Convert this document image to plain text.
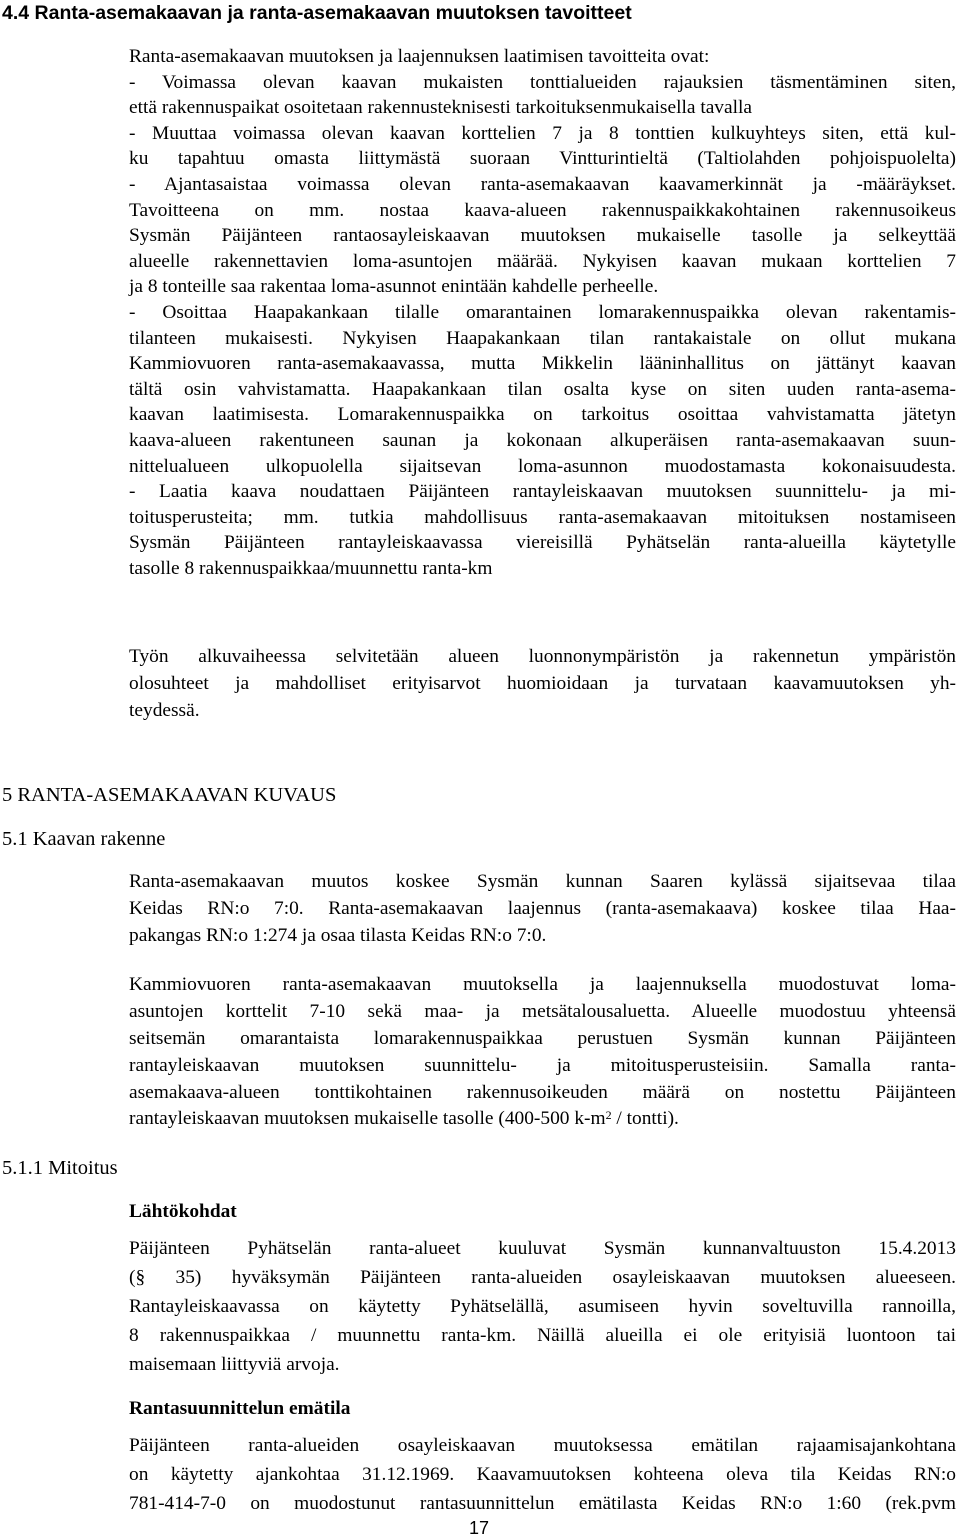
4.4 Ranta-asemakaavan ja ranta-asemakaavan muutoksen tavoitteet
Ranta-asemakaavan muutoksen ja laajennuksen laatimisen tavoitteita ovat:
- Voimassa olevan kaavan mukaisten tonttialueiden rajauksien täsmentäminen siten,
että rakennuspaikat osoitetaan rakennusteknisesti tarkoituksenmukaisella tavalla
- Muuttaa voimassa olevan kaavan korttelien 7 ja 8 tonttien kulkuyhteys siten, että kul-
ku tapahtuu omasta liittymästä suoraan Vintturintieltä (Taltiolahden pohjoispuolelta)
- Ajantasaistaa voimassa olevan ranta-asemakaavan kaavamerkinnät ja -määräykset.
Tavoitteena on mm. nostaa kaava-alueen rakennuspaikkakohtainen rakennusoikeus
Sysmän Päijänteen rantaosayleiskaavan muutoksen mukaiselle tasolle ja selkeyttää
alueelle rakennettavien loma-asuntojen määrää. Nykyisen kaavan mukaan korttelien 7
ja 8 tonteille saa rakentaa loma-asunnot enintään kahdelle perheelle.
- Osoittaa Haapakankaan tilalle omarantainen lomarakennuspaikka olevan rakentamis-
tilanteen mukaisesti. Nykyisen Haapakankaan tilan rantakaistale on ollut mukana
Kammiovuoren ranta-asemakaavassa, mutta Mikkelin lääninhallitus on jättänyt kaavan
tältä osin vahvistamatta. Haapakankaan tilan osalta kyse on siten uuden ranta-asema-
kaavan laatimisesta. Lomarakennuspaikka on tarkoitus osoittaa vahvistamatta jätetyn
kaava-alueen rakentuneen saunan ja kokonaan alkuperäisen ranta-asemakaavan suun-
nittelualueen ulkopuolella sijaitsevan loma-asunnon muodostamasta kokonaisuudesta.
- Laatia kaava noudattaen Päijänteen rantayleiskaavan muutoksen suunnittelu- ja mi-
toitusperusteita; mm. tutkia mahdollisuus ranta-asemakaavan mitoituksen nostamiseen
Sysmän Päijänteen rantayleiskaavassa viereisillä Pyhätselän ranta-alueilla käytetylle
tasolle 8 rakennuspaikkaa/muunnettu ranta-km
Työn alkuvaiheessa selvitetään alueen luonnonympäristön ja rakennetun ympäristön
olosuhteet ja mahdolliset erityisarvot huomioidaan ja turvataan kaavamuutoksen yh-
teydessä.
5 RANTA-ASEMAKAAVAN KUVAUS
5.1 Kaavan rakenne
Ranta-asemakaavan muutos koskee Sysmän kunnan Saaren kylässä sijaitsevaa tilaa
Keidas RN:o 7:0. Ranta-asemakaavan laajennus (ranta-asemakaava) koskee tilaa Haa-
pakangas RN:o 1:274 ja osaa tilasta Keidas RN:o 7:0.
Kammiovuoren ranta-asemakaavan muutoksella ja laajennuksella muodostuvat loma-
asuntojen korttelit 7-10 sekä maa- ja metsätalousaluetta. Alueelle muodostuu yhteensä
seitsemän omarantaista lomarakennuspaikkaa perustuen Sysmän kunnan Päijänteen
rantayleiskaavan muutoksen suunnittelu- ja mitoitusperusteisiin. Samalla ranta-
asemakaava-alueen tonttikohtainen rakennusoikeuden määrä on nostettu Päijänteen
rantayleiskaavan muutoksen mukaiselle tasolle (400-500 $k-m^2$ / tontti).
5.1.1 Mitoitus
Lähtökohdat
Päijänteen Pyhätselän ranta-alueet kuuluvat Sysmän kunnanvaltuuston 15.4.2013
(§ 35) hyväksymän Päijänteen ranta-alueiden osayleiskaavan muutoksen alueeseen.
Rantayleiskaavassa on käytetty Pyhätselällä, asumiseen hyvin soveltuvilla rannoilla,
8 rakennuspaikkaa / muunnettu ranta-km. Näillä alueilla ei ole erityisiä luontoon tai
maisemaan liittyviä arvoja.
Rantasuunnittelun emätila
Päijänteen ranta-alueiden osayleiskaavan muutoksessa emätilan rajaamisajankohtana
on käytetty ajankohtaa 31.12.1969. Kaavamuutoksen kohteena oleva tila Keidas RN:o
781-414-7-0 on muodostunut rantasuunnittelun emätilasta Keidas RN:o 1:60 (rek.pvm
17
